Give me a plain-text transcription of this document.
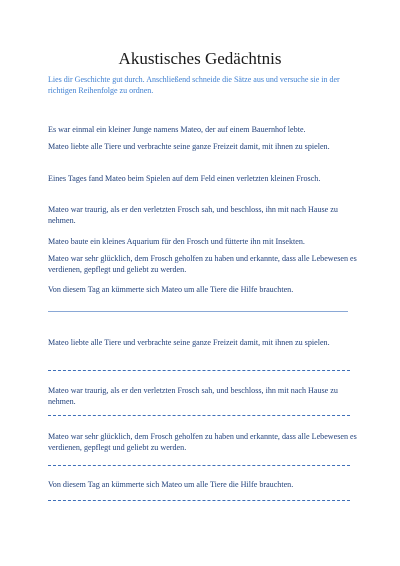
Akustisches Gedächtnis
Lies dir Geschichte gut durch. Anschließend schneide die Sätze aus und versuche sie in der richtigen Reihenfolge zu ordnen.

Es war einmal ein kleiner Junge namens Mateo, der auf einem Bauernhof lebte.

Mateo liebte alle Tiere und verbrachte seine ganze Freizeit damit, mit ihnen zu spielen.

Eines Tages fand Mateo beim Spielen auf dem Feld einen verletzten kleinen Frosch.

Mateo war traurig, als er den verletzten Frosch sah, und beschloss, ihn mit nach Hause zu nehmen.

Mateo baute ein kleines Aquarium für den Frosch und fütterte ihn mit Insekten.

Mateo war sehr glücklich, dem Frosch geholfen zu haben und erkannte, dass alle Lebewesen es verdienen, gepflegt und geliebt zu werden.

Von diesem Tag an kümmerte sich Mateo um alle Tiere die Hilfe brauchten.

Mateo liebte alle Tiere und verbrachte seine ganze Freizeit damit, mit ihnen zu spielen.

Mateo war traurig, als er den verletzten Frosch sah, und beschloss, ihn mit nach Hause zu nehmen.

Mateo war sehr glücklich, dem Frosch geholfen zu haben und erkannte, dass alle Lebewesen es verdienen, gepflegt und geliebt zu werden.

Von diesem Tag an kümmerte sich Mateo um alle Tiere die Hilfe brauchten.
